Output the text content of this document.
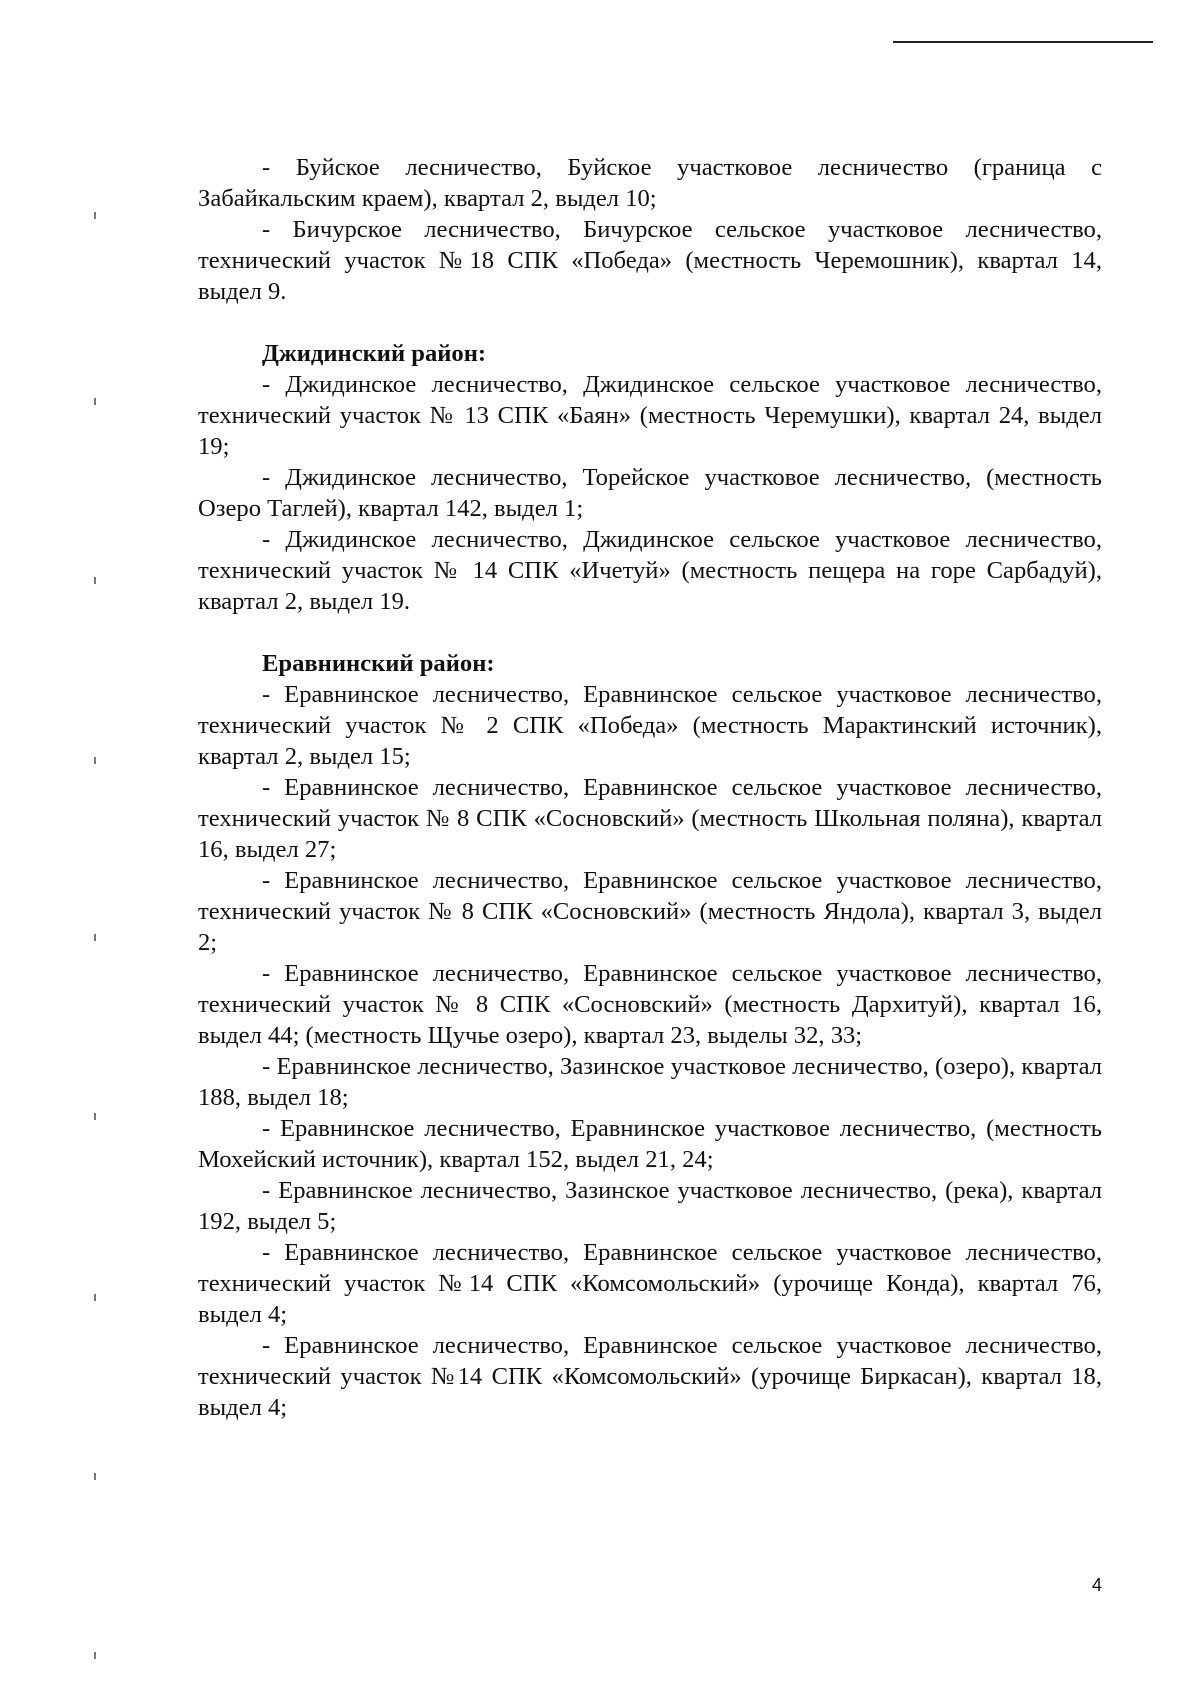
- Буйское лесничество, Буйское участковое лесничество (граница с Забайкальским краем), квартал 2, выдел 10;

- Бичурское лесничество, Бичурское сельское участковое лесничество, технический участок №18 СПК «Победа» (местность Черемошник), квартал 14, выдел 9.

Джидинский район:

- Джидинское лесничество, Джидинское сельское участковое лесничество, технический участок № 13 СПК «Баян» (местность Черемушки), квартал 24, выдел 19;

- Джидинское лесничество, Торейское участковое лесничество, (местность Озеро Таглей), квартал 142, выдел 1;

- Джидинское лесничество, Джидинское сельское участковое лесничество, технический участок № 14 СПК «Ичетуй» (местность пещера на горе Сарбадуй), квартал 2, выдел 19.

Еравнинский район:

- Еравнинское лесничество, Еравнинское сельское участковое лесничество, технический участок № 2 СПК «Победа» (местность Марактинский источник), квартал 2, выдел 15;

- Еравнинское лесничество, Еравнинское сельское участковое лесничество, технический участок № 8 СПК «Сосновский» (местность Школьная поляна), квартал 16, выдел 27;

- Еравнинское лесничество, Еравнинское сельское участковое лесничество, технический участок № 8 СПК «Сосновский» (местность Яндола), квартал 3, выдел 2;

- Еравнинское лесничество, Еравнинское сельское участковое лесничество, технический участок № 8 СПК «Сосновский» (местность Дархитуй), квартал 16, выдел 44; (местность Щучье озеро), квартал 23, выделы 32, 33;

- Еравнинское лесничество, Зазинское участковое лесничество, (озеро), квартал 188, выдел 18;

- Еравнинское лесничество, Еравнинское участковое лесничество, (местность Мохейский источник), квартал 152, выдел 21, 24;

- Еравнинское лесничество, Зазинское участковое лесничество, (река), квартал 192, выдел 5;

- Еравнинское лесничество, Еравнинское сельское участковое лесничество, технический участок №14 СПК «Комсомольский» (урочище Конда), квартал 76, выдел 4;

- Еравнинское лесничество, Еравнинское сельское участковое лесничество, технический участок №14 СПК «Комсомольский» (урочище Биркасан), квартал 18, выдел 4;

4
